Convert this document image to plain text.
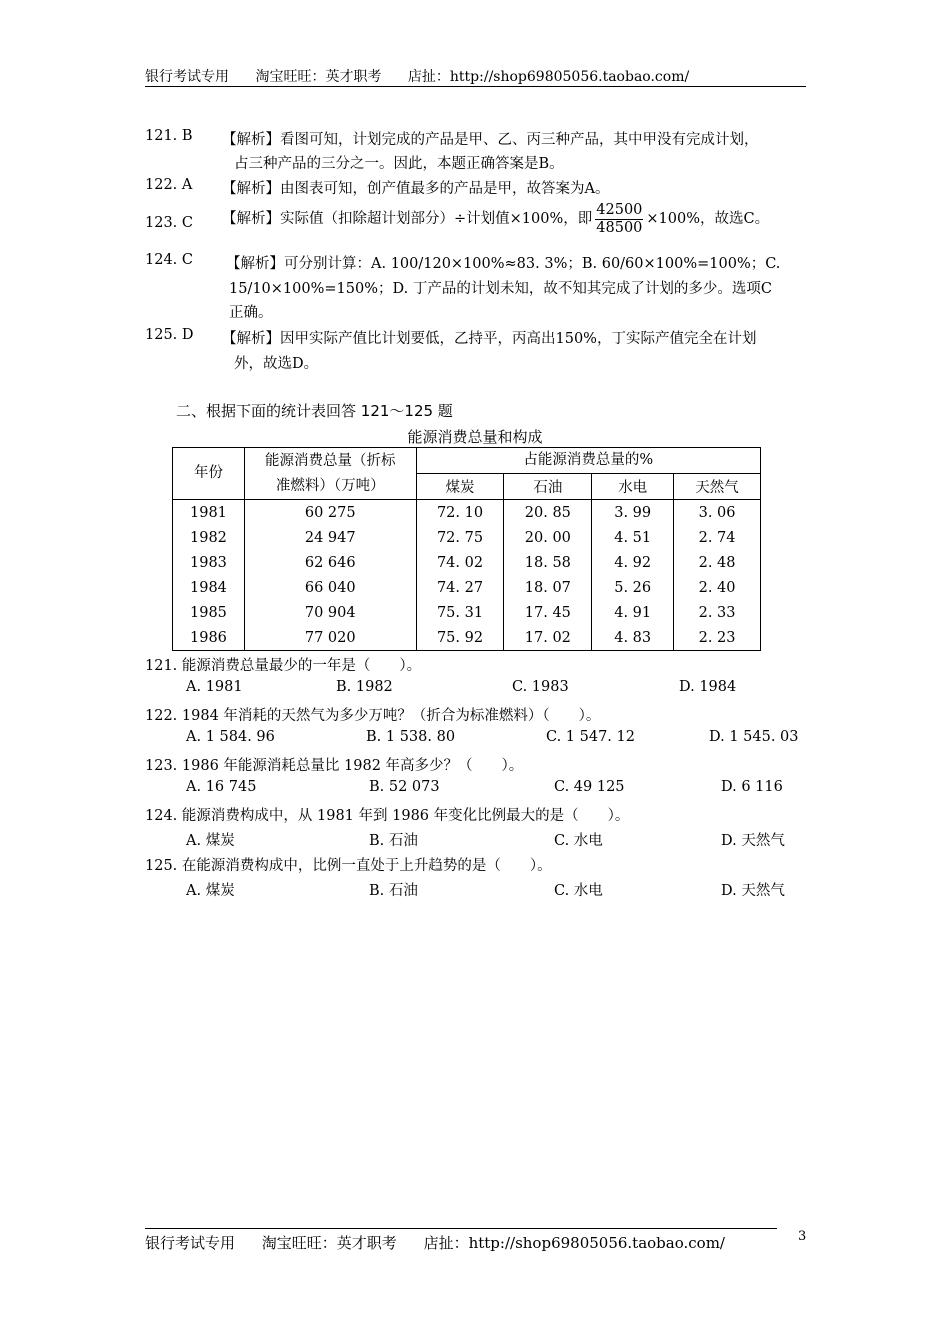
银行考试专用 淘宝旺旺：英才职考 店扯：http://shop69805056.taobao.com/
121. B 【解析】看图可知，计划完成的产品是甲、乙、丙三种产品，其中甲没有完成计划，
占三种产品的三分之一。因此，本题正确答案是B。
122. A 【解析】由图表可知，创产值最多的产品是甲，故答案为A。
123. C 【解析】实际值（扣除超计划部分）÷计划值×100%，即 $\frac{42500}{48500} \times 100\%$，故选C。
124. C 【解析】可分别计算：A. 100/120×100%≈83. 3%；B. 60/60×100%=100%；C.
15/10×100%=150%；D. 丁产品的计划未知，故不知其完成了计划的多少。选项C
正确。
125. D 【解析】因甲实际产值比计划要低，乙持平，丙高出150%，丁实际产值完全在计划
外，故选D。
二、根据下面的统计表回答 121～125 题
能源消费总量和构成
年份	能源消费总量（折标
准燃料）（万吨）	占能源消费总量的%			
		煤炭	石油	水电	天然气
1981	60 275	72. 10	20. 85	3. 99	3. 06
1982	24 947	72. 75	20. 00	4. 51	2. 74
1983	62 646	74. 02	18. 58	4. 92	2. 48
1984	66 040	74. 27	18. 07	5. 26	2. 40
1985	70 904	75. 31	17. 45	4. 91	2. 33
1986	77 020	75. 92	17. 02	4. 83	2. 23
121. 能源消费总量最少的一年是（　　）。
A. 1981	B. 1982	C. 1983	D. 1984
122. 1984 年消耗的天然气为多少万吨？（折合为标准燃料）（　　）。
A. 1 584. 96	B. 1 538. 80	C. 1 547. 12	D. 1 545. 03
123. 1986 年能源消耗总量比 1982 年高多少？（　　）。
A. 16 745	B. 52 073	C. 49 125	D. 6 116
124. 能源消费构成中，从 1981 年到 1986 年变化比例最大的是（　　）。
A. 煤炭	B. 石油	C. 水电	D. 天然气
125. 在能源消费构成中，比例一直处于上升趋势的是（　　）。
A. 煤炭	B. 石油	C. 水电	D. 天然气
银行考试专用 淘宝旺旺：英才职考 店扯：http://shop69805056.taobao.com/	3
